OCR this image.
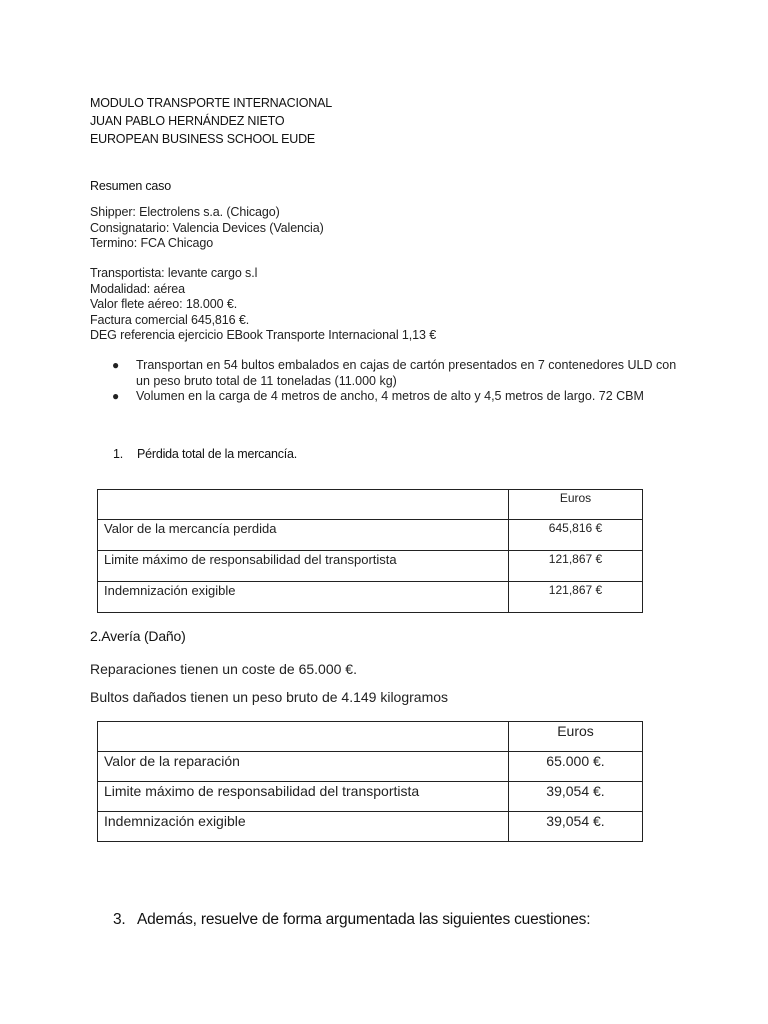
MODULO TRANSPORTE INTERNACIONAL
JUAN PABLO HERNÁNDEZ NIETO
EUROPEAN BUSINESS SCHOOL EUDE
Resumen caso
Shipper: Electrolens s.a. (Chicago)
Consignatario: Valencia Devices (Valencia)
Termino: FCA Chicago
Transportista: levante cargo s.l
Modalidad: aérea
Valor flete aéreo: 18.000 €.
Factura comercial 645,816 €.
DEG referencia ejercicio EBook Transporte Internacional 1,13 €
●	Transportan en 54 bultos embalados en cajas de cartón presentados en 7 contenedores ULD con un peso bruto total de 11 toneladas (11.000 kg)
●	Volumen en la carga de 4 metros de ancho, 4 metros de alto y 4,5 metros de largo. 72 CBM
1.	Pérdida total de la mercancía.
	Euros
Valor de la mercancía perdida	645,816 €
Limite máximo de responsabilidad del transportista	121,867 €
Indemnización exigible	121,867 €
2.Avería (Daño)
Reparaciones tienen un coste de 65.000 €.
Bultos dañados tienen un peso bruto de 4.149 kilogramos
	Euros
Valor de la reparación	65.000 €.
Limite máximo de responsabilidad del transportista	39,054 €.
Indemnización exigible	39,054 €.
3. Además, resuelve de forma argumentada las siguientes cuestiones:
